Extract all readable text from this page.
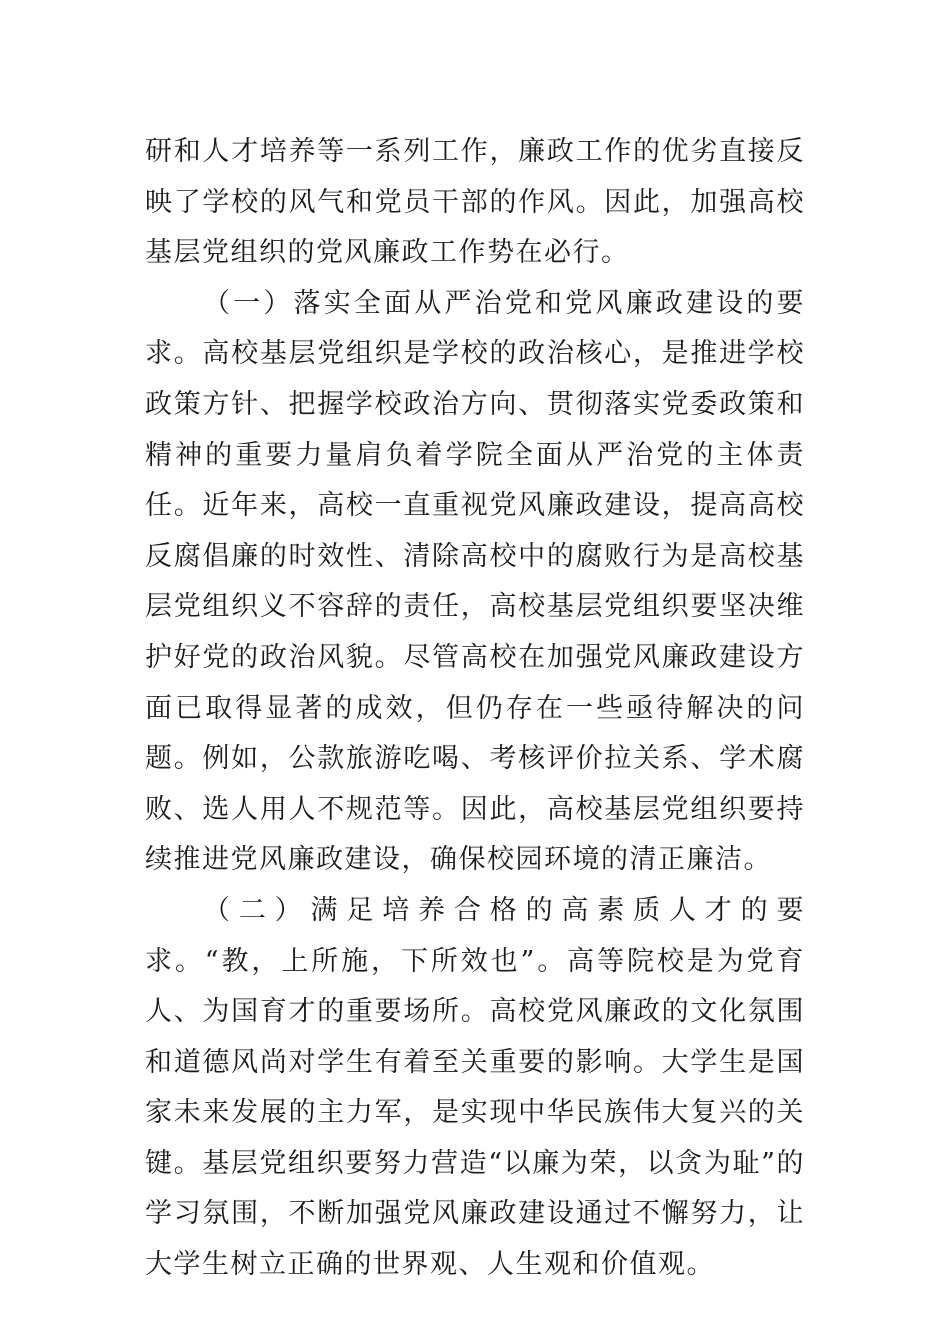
研和人才培养等一系列工作，廉政工作的优劣直接反映了学校的风气和党员干部的作风。因此，加强高校基层党组织的党风廉政工作势在必行。

（一）落实全面从严治党和党风廉政建设的要求。高校基层党组织是学校的政治核心，是推进学校政策方针、把握学校政治方向、贯彻落实党委政策和精神的重要力量肩负着学院全面从严治党的主体责任。近年来，高校一直重视党风廉政建设，提高高校反腐倡廉的时效性、清除高校中的腐败行为是高校基层党组织义不容辞的责任，高校基层党组织要坚决维护好党的政治风貌。尽管高校在加强党风廉政建设方面已取得显著的成效，但仍存在一些亟待解决的问题。例如，公款旅游吃喝、考核评价拉关系、学术腐败、选人用人不规范等。因此，高校基层党组织要持续推进党风廉政建设，确保校园环境的清正廉洁。

（二）满足培养合格的高素质人才的要求。“教，上所施，下所效也”。高等院校是为党育人、为国育才的重要场所。高校党风廉政的文化氛围和道德风尚对学生有着至关重要的影响。大学生是国家未来发展的主力军，是实现中华民族伟大复兴的关键。基层党组织要努力营造“以廉为荣，以贪为耻”的学习氛围，不断加强党风廉政建设通过不懈努力，让大学生树立正确的世界观、人生观和价值观。
